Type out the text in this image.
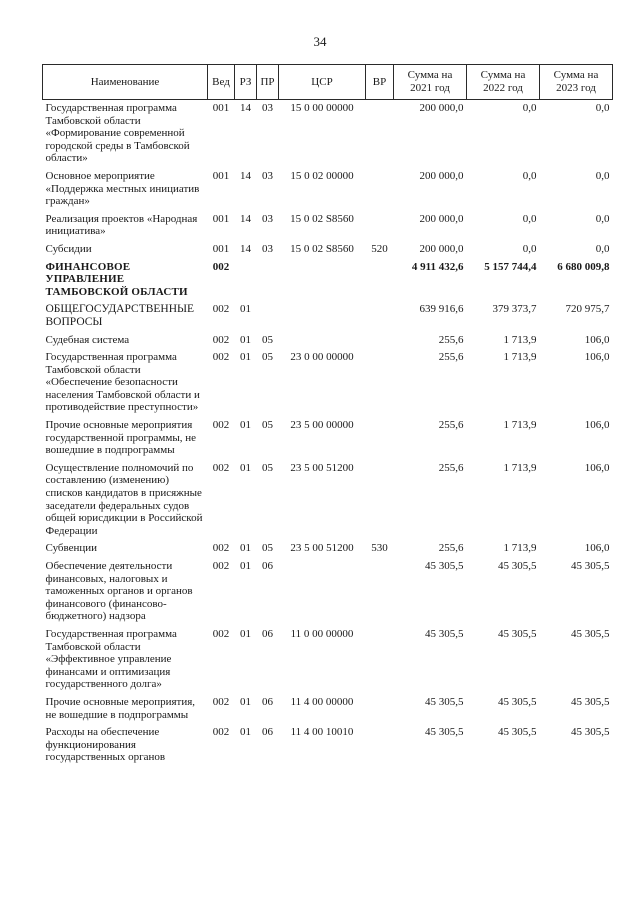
34
Наименование	Вед	РЗ	ПР	ЦСР	ВР	Сумма на 2021 год	Сумма на 2022 год	Сумма на 2023 год
Государственная программа Тамбовской области «Формирование современной городской среды в Тамбовской области»	001	14	03	15 0 00 00000		200 000,0	0,0	0,0
Основное мероприятие «Поддержка местных инициатив граждан»	001	14	03	15 0 02 00000		200 000,0	0,0	0,0
Реализация проектов «Народная инициатива»	001	14	03	15 0 02 S8560		200 000,0	0,0	0,0
Субсидии	001	14	03	15 0 02 S8560	520	200 000,0	0,0	0,0
ФИНАНСОВОЕ УПРАВЛЕНИЕ ТАМБОВСКОЙ ОБЛАСТИ	002					4 911 432,6	5 157 744,4	6 680 009,8
ОБЩЕГОСУДАРСТВЕННЫЕ ВОПРОСЫ	002	01				639 916,6	379 373,7	720 975,7
Судебная система	002	01	05			255,6	1 713,9	106,0
Государственная программа Тамбовской области «Обеспечение безопасности населения Тамбовской области и противодействие преступности»	002	01	05	23 0 00 00000		255,6	1 713,9	106,0
Прочие основные мероприятия государственной программы, не вошедшие в подпрограммы	002	01	05	23 5 00 00000		255,6	1 713,9	106,0
Осуществление полномочий по составлению (изменению) списков кандидатов в присяжные заседатели федеральных судов общей юрисдикции в Российской Федерации	002	01	05	23 5 00 51200		255,6	1 713,9	106,0
Субвенции	002	01	05	23 5 00 51200	530	255,6	1 713,9	106,0
Обеспечение деятельности финансовых, налоговых и таможенных органов и органов финансового (финансово-бюджетного) надзора	002	01	06			45 305,5	45 305,5	45 305,5
Государственная программа Тамбовской области «Эффективное управление финансами и оптимизация государственного долга»	002	01	06	11 0 00 00000		45 305,5	45 305,5	45 305,5
Прочие основные мероприятия, не вошедшие в подпрограммы	002	01	06	11 4 00 00000		45 305,5	45 305,5	45 305,5
Расходы на обеспечение функционирования государственных органов	002	01	06	11 4 00 10010		45 305,5	45 305,5	45 305,5
